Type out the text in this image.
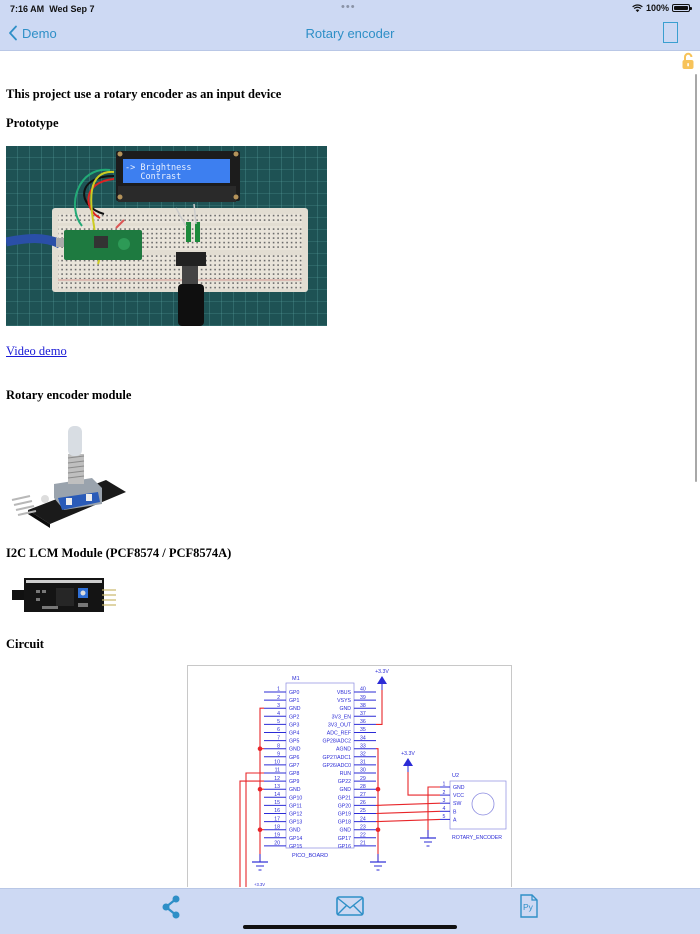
7:16 AM Wed Sep 7	•••	100%
Demo	Rotary encoder
This project use a rotary encoder as an input device
Prototype
-> Brightness
Contrast
Video demo
Rotary encoder module
I2C LCM Module (PCF8574 / PCF8574A)
Circuit
M1
PICO_BOARD
1
GP0
2
GP1
3
GND
4
GP2
5
GP3
6
GP4
7
GP5
8
GND
9
GP6
10
GP7
11
GP8
12
GP9
13
GND
14
GP10
15
GP11
16
GP12
17
GP13
18
GND
19
GP14
20
GP15
40
VBUS
39
VSYS
38
GND
37
3V3_EN
36
3V3_OUT
35
ADC_REF
34
GP28/ADC2
33
AGND
32
GP27/ADC1
31
GP26/ADC0
30
RUN
29
GP22
28
GND
27
GP21
26
GP20
25
GP19
24
GP18
23
GND
22
GP17
21
GP16
+3.3V
+3.3V
U2
ROTARY_ENCODER
1
GND
2
VCC
3
SW
4
B
5
A
+3.3V
Py
